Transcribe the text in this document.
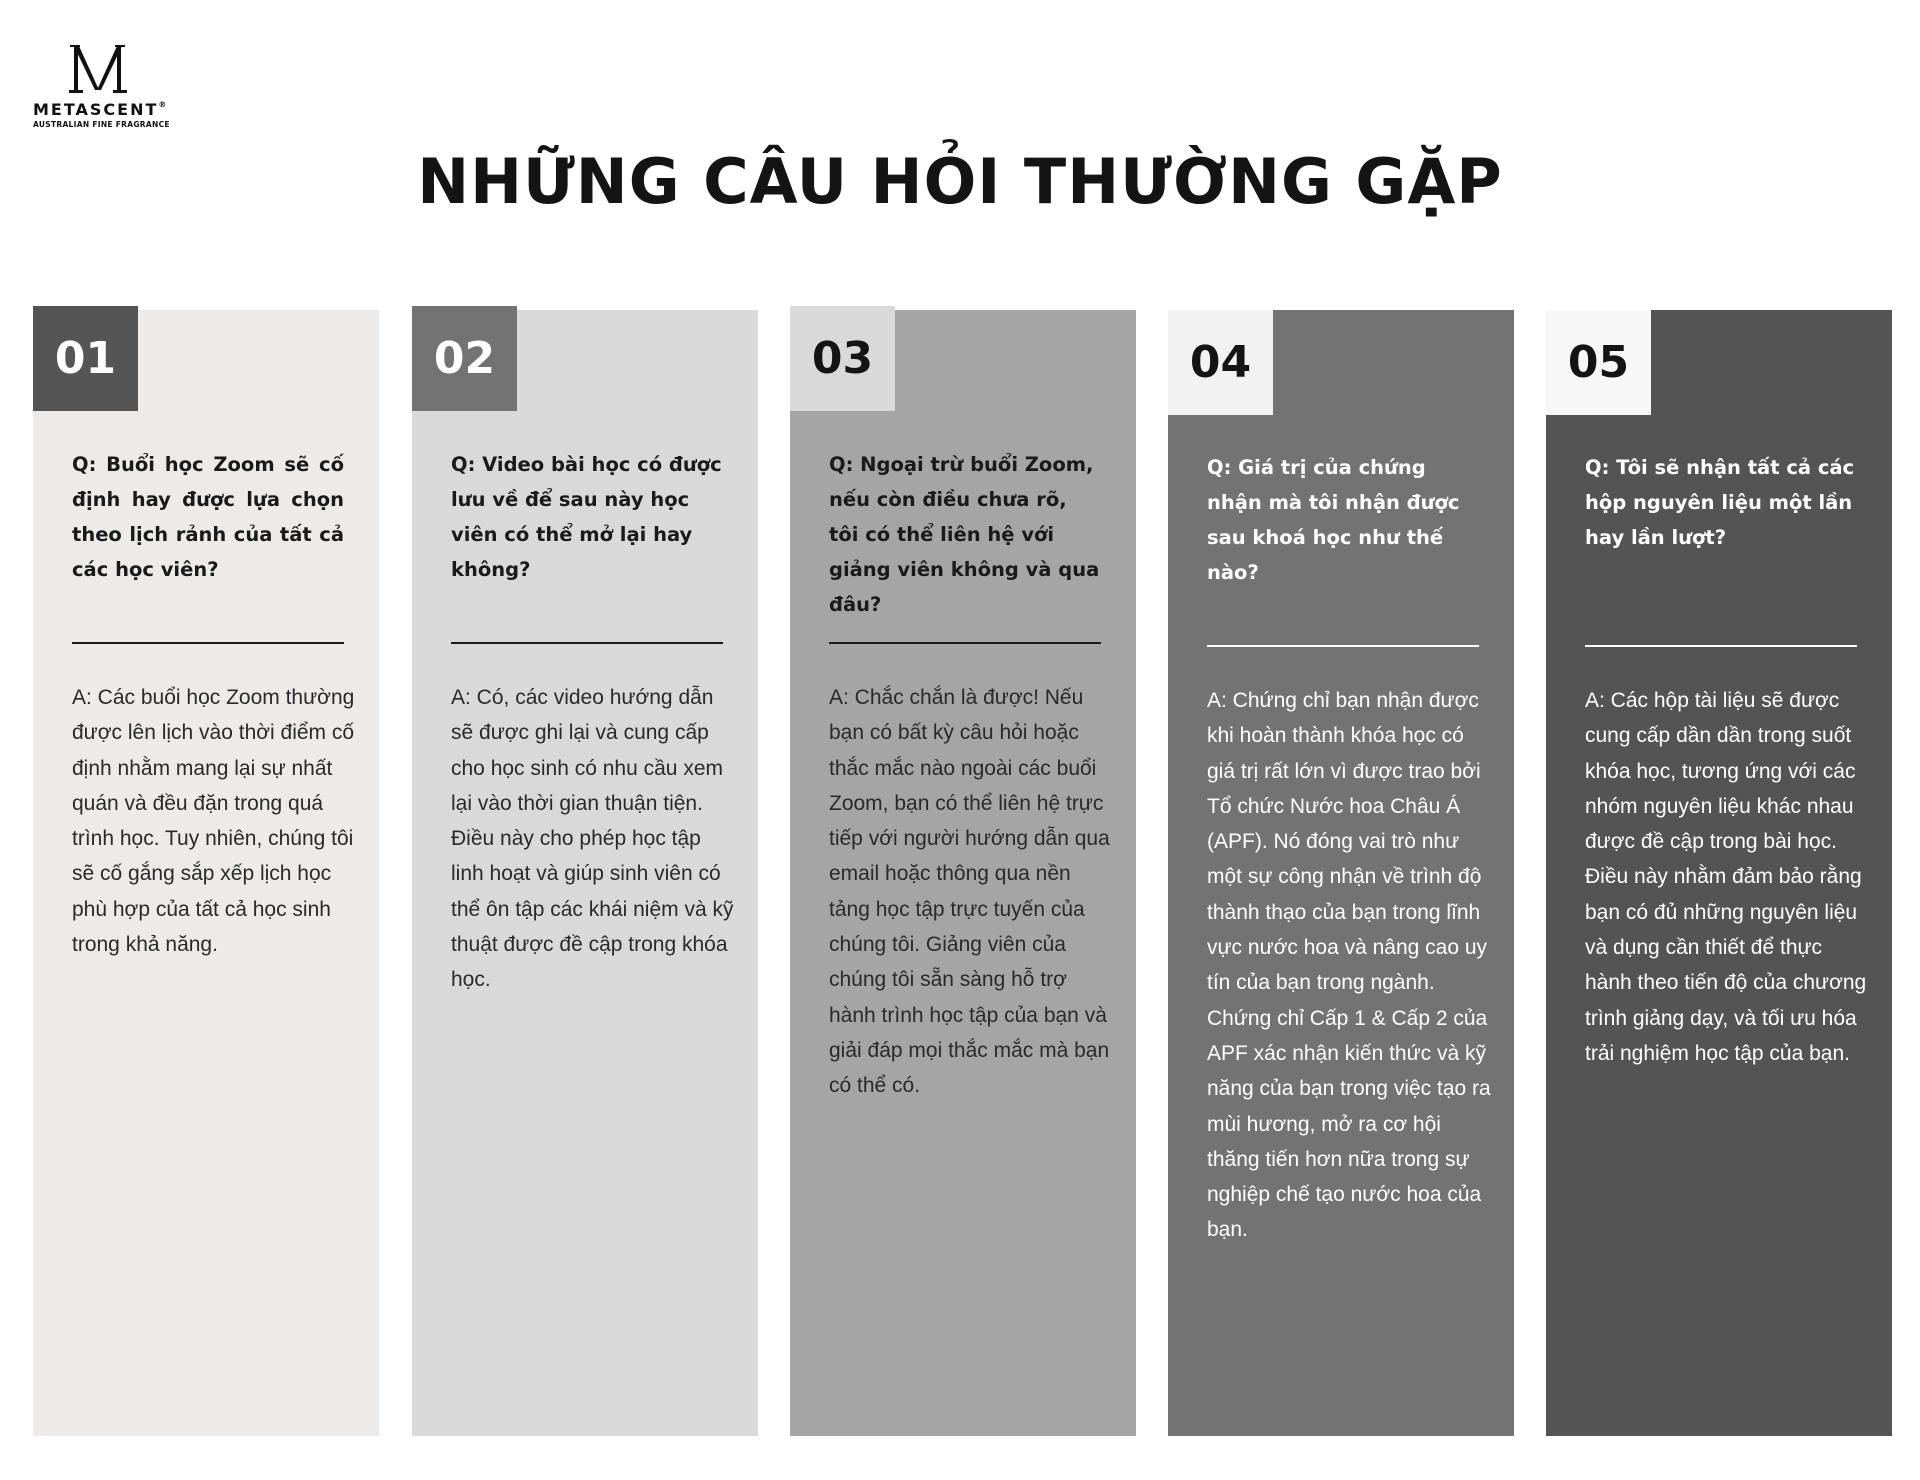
METASCENT®
AUSTRALIAN FINE FRAGRANCE
NHỮNG CÂU HỎI THƯỜNG GẶP
01

Q: Buổi học Zoom sẽ cố định hay được lựa chọn theo lịch rảnh của tất cả các học viên?

A: Các buổi học Zoom thường được lên lịch vào thời điểm cố định nhằm mang lại sự nhất quán và đều đặn trong quá trình học. Tuy nhiên, chúng tôi sẽ cố gắng sắp xếp lịch học phù hợp của tất cả học sinh trong khả năng.

02

Q: Video bài học có được lưu về để sau này học viên có thể mở lại hay không?

A: Có, các video hướng dẫn sẽ được ghi lại và cung cấp cho học sinh có nhu cầu xem lại vào thời gian thuận tiện. Điều này cho phép học tập linh hoạt và giúp sinh viên có thể ôn tập các khái niệm và kỹ thuật được đề cập trong khóa học.

03

Q: Ngoại trừ buổi Zoom, nếu còn điều chưa rõ, tôi có thể liên hệ với giảng viên không và qua đâu?

A: Chắc chắn là được! Nếu bạn có bất kỳ câu hỏi hoặc thắc mắc nào ngoài các buổi Zoom, bạn có thể liên hệ trực tiếp với người hướng dẫn qua email hoặc thông qua nền tảng học tập trực tuyến của chúng tôi. Giảng viên của chúng tôi sẵn sàng hỗ trợ hành trình học tập của bạn và giải đáp mọi thắc mắc mà bạn có thể có.

04

Q: Giá trị của chứng nhận mà tôi nhận được sau khoá học như thế nào?

A: Chứng chỉ bạn nhận được khi hoàn thành khóa học có giá trị rất lớn vì được trao bởi Tổ chức Nước hoa Châu Á (APF). Nó đóng vai trò như một sự công nhận về trình độ thành thạo của bạn trong lĩnh vực nước hoa và nâng cao uy tín của bạn trong ngành. Chứng chỉ Cấp 1 & Cấp 2 của APF xác nhận kiến thức và kỹ năng của bạn trong việc tạo ra mùi hương, mở ra cơ hội thăng tiến hơn nữa trong sự nghiệp chế tạo nước hoa của bạn.

05

Q: Tôi sẽ nhận tất cả các hộp nguyên liệu một lần hay lần lượt?

A: Các hộp tài liệu sẽ được cung cấp dần dần trong suốt khóa học, tương ứng với các nhóm nguyên liệu khác nhau được đề cập trong bài học. Điều này nhằm đảm bảo rằng bạn có đủ những nguyên liệu và dụng cần thiết để thực hành theo tiến độ của chương trình giảng dạy, và tối ưu hóa trải nghiệm học tập của bạn.
